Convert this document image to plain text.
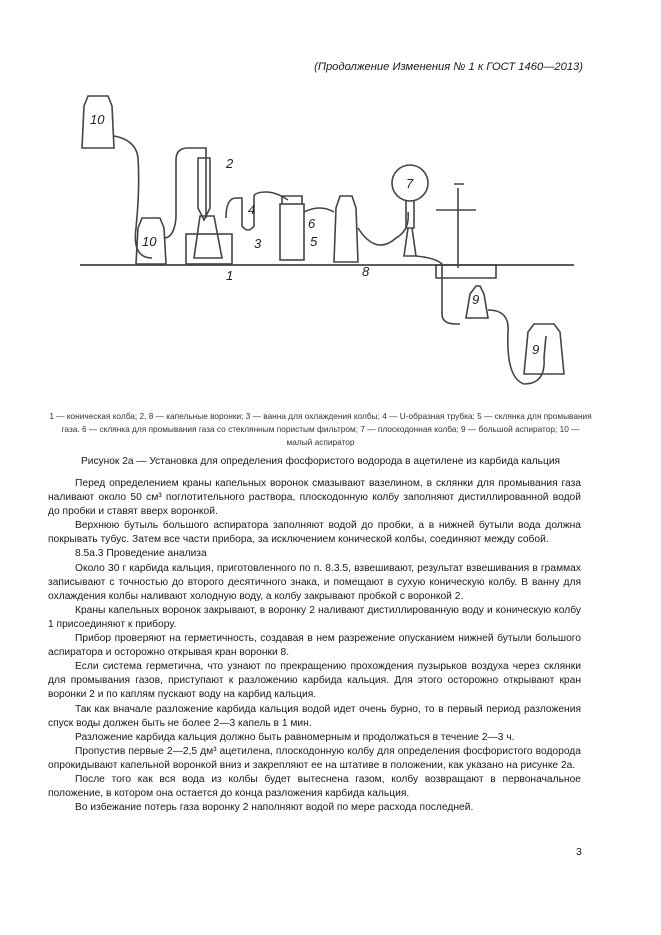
(Продолжение Изменения № 1 к ГОСТ 1460—2013)
10
2
4
7
10	3
6
5
1	8
9
9
1 — коническая колба; 2, 8 — капельные воронки; 3 — ванна для охлаждения колбы; 4 — U-образная трубка; 5 — склянка для промывания газа. 6 — склянка для промывания газа со стеклянным пористым фильтром; 7 — плоскодонная колба; 9 — большой аспиратор; 10 — малый аспиратор
Рисунок 2а — Установка для определения фосфористого водорода в ацетилене из карбида кальция

Перед определением краны капельных воронок смазывают вазелином, в склянки для промывания газа наливают около 50 см³ поглотительного раствора, плоскодонную колбу заполняют дистиллированной водой до пробки и ставят вверх воронкой.

Верхнюю бутыль большого аспиратора заполняют водой до пробки, а в нижней бутыли вода должна покрывать тубус. Затем все части прибора, за исключением конической колбы, соединяют между собой.

8.5а.3 Проведение анализа

Около 30 г карбида кальция, приготовленного по п. 8.3.5, взвешивают, результат взвешивания в граммах записывают с точностью до второго десятичного знака, и помещают в сухую коническую колбу. В ванну для охлаждения колбы наливают холодную воду, а колбу закрывают пробкой с воронкой 2.

Краны капельных воронок закрывают, в воронку 2 наливают дистиллированную воду и коническую колбу 1 присоединяют к прибору.

Прибор проверяют на герметичность, создавая в нем разрежение опусканием нижней бутыли большого аспиратора и осторожно открывая кран воронки 8.

Если система герметична, что узнают по прекращению прохождения пузырьков воздуха через склянки для промывания газов, приступают к разложению карбида кальция. Для этого осторожно открывают кран воронки 2 и по каплям пускают воду на карбид кальция.

Так как вначале разложение карбида кальция водой идет очень бурно, то в первый период разложения спуск воды должен быть не более 2—3 капель в 1 мин.

Разложение карбида кальция должно быть равномерным и продолжаться в течение 2—3 ч.

Пропустив первые 2—2,5 дм³ ацетилена, плоскодонную колбу для определения фосфористого водорода опрокидывают капельной воронкой вниз и закрепляют ее на штативе в положении, как указано на рисунке 2а.

После того как вся вода из колбы будет вытеснена газом, колбу возвращают в первоначальное положение, в котором она остается до конца разложения карбида кальция.

Во избежание потерь газа воронку 2 наполняют водой по мере расхода последней.

3
